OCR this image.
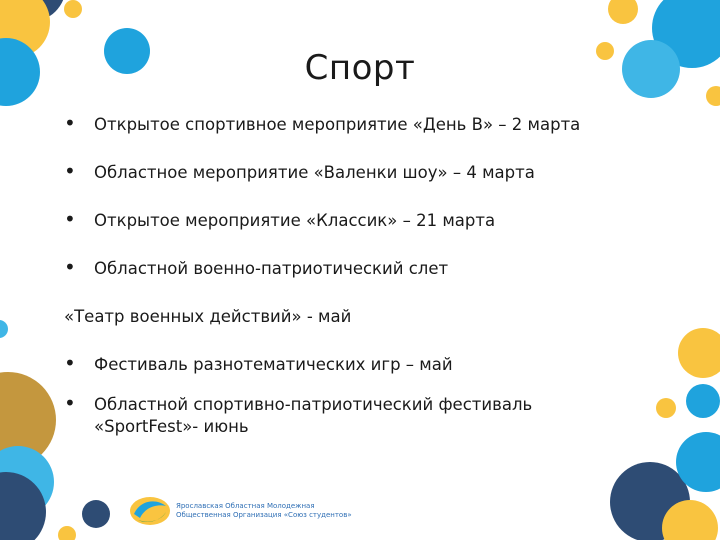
Спорт

• Открытое спортивное мероприятие «День В» – 2 марта

• Областное мероприятие «Валенки шоу» – 4 марта

• Открытое мероприятие «Классик» – 21 марта

• Областной военно-патриотический слет

«Театр военных действий» - май

• Фестиваль разнотематических игр – май

• Областной спортивно-патриотический фестиваль «SportFest»- июнь

Ярославская Областная Молодежная
Общественная Организация «Союз студентов»
